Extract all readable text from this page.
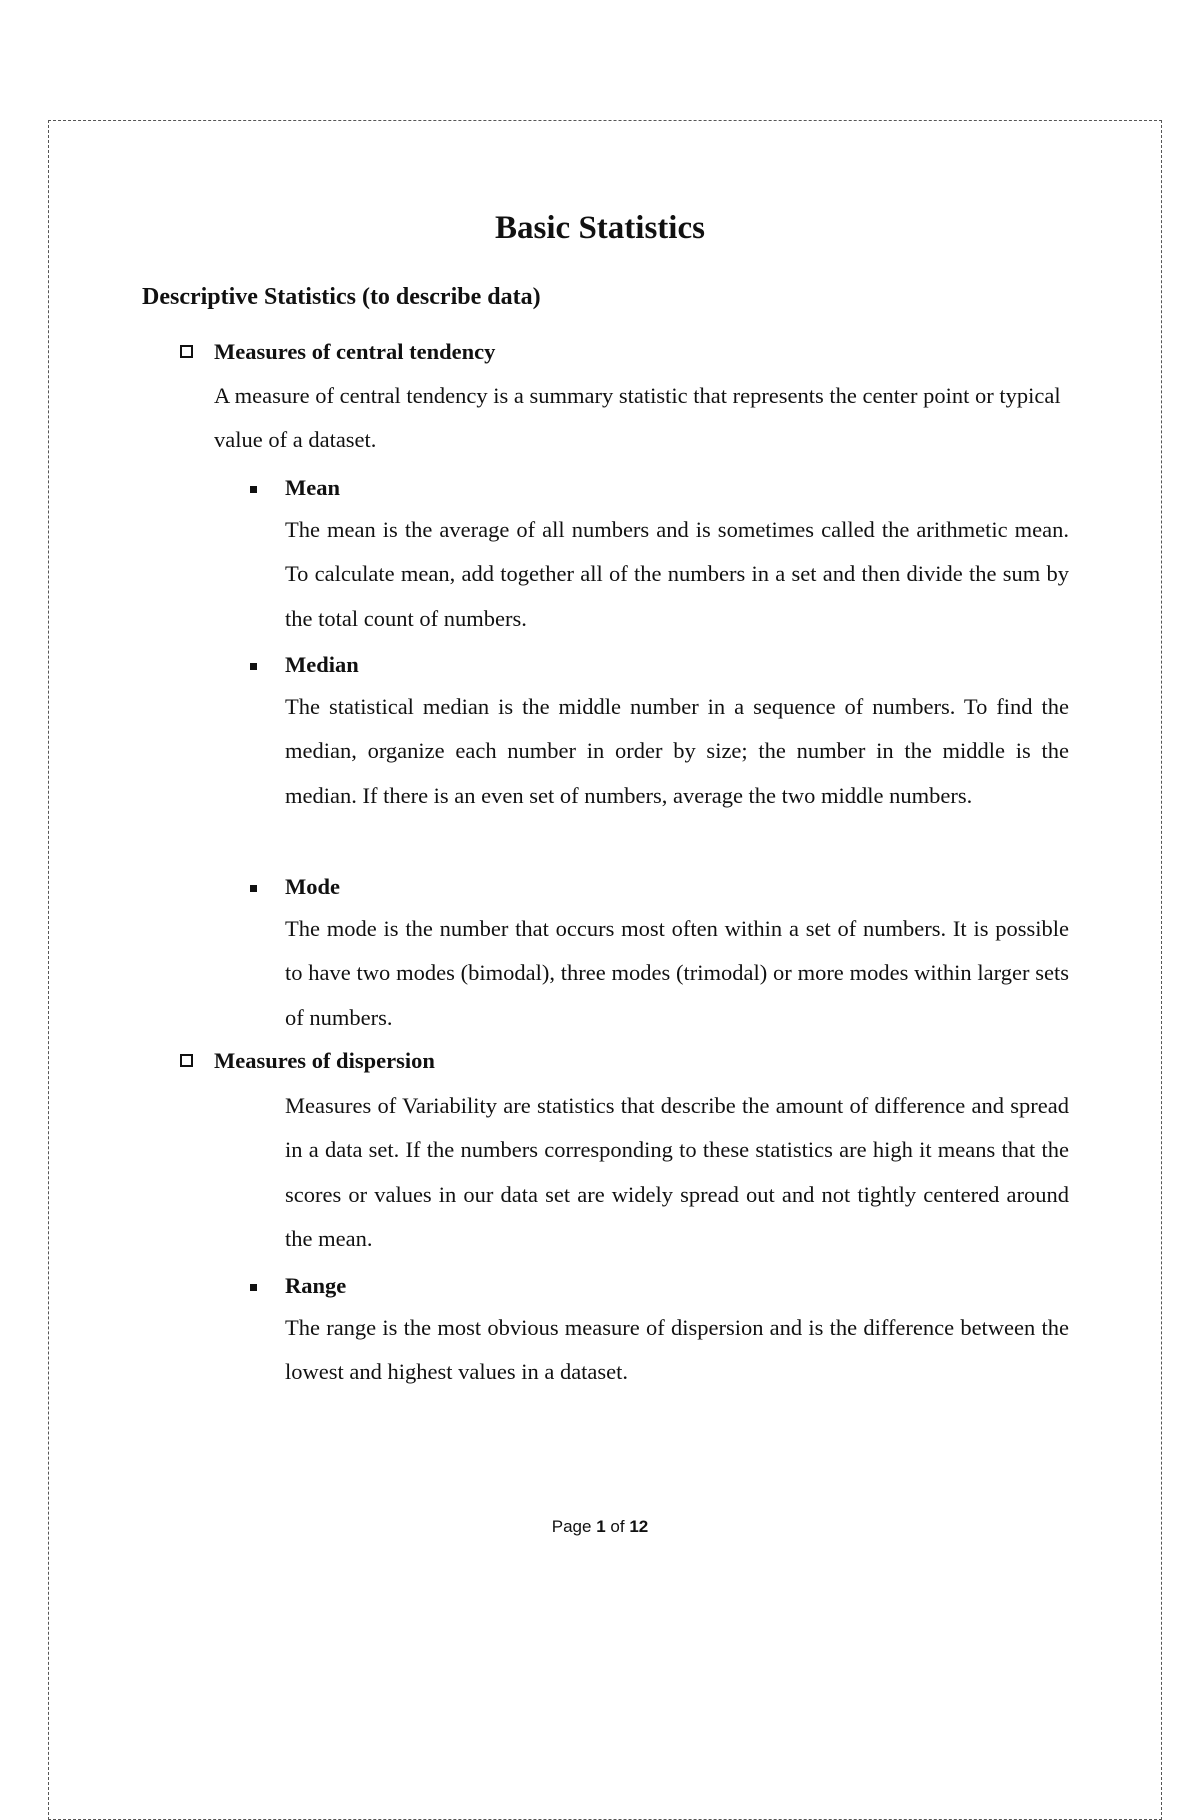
Basic Statistics
Descriptive Statistics (to describe data)
Measures of central tendency
A measure of central tendency is a summary statistic that represents the center point or typical value of a dataset.
Mean
The mean is the average of all numbers and is sometimes called the arithmetic mean. To calculate mean, add together all of the numbers in a set and then divide the sum by the total count of numbers.
Median
The statistical median is the middle number in a sequence of numbers. To find the median, organize each number in order by size; the number in the middle is the median. If there is an even set of numbers, average the two middle numbers.
Mode
The mode is the number that occurs most often within a set of numbers. It is possible to have two modes (bimodal), three modes (trimodal) or more modes within larger sets of numbers.
Measures of dispersion
Measures of Variability are statistics that describe the amount of difference and spread in a data set. If the numbers corresponding to these statistics are high it means that the scores or values in our data set are widely spread out and not tightly centered around the mean.
Range
The range is the most obvious measure of dispersion and is the difference between the lowest and highest values in a dataset.
Page 1 of 12
